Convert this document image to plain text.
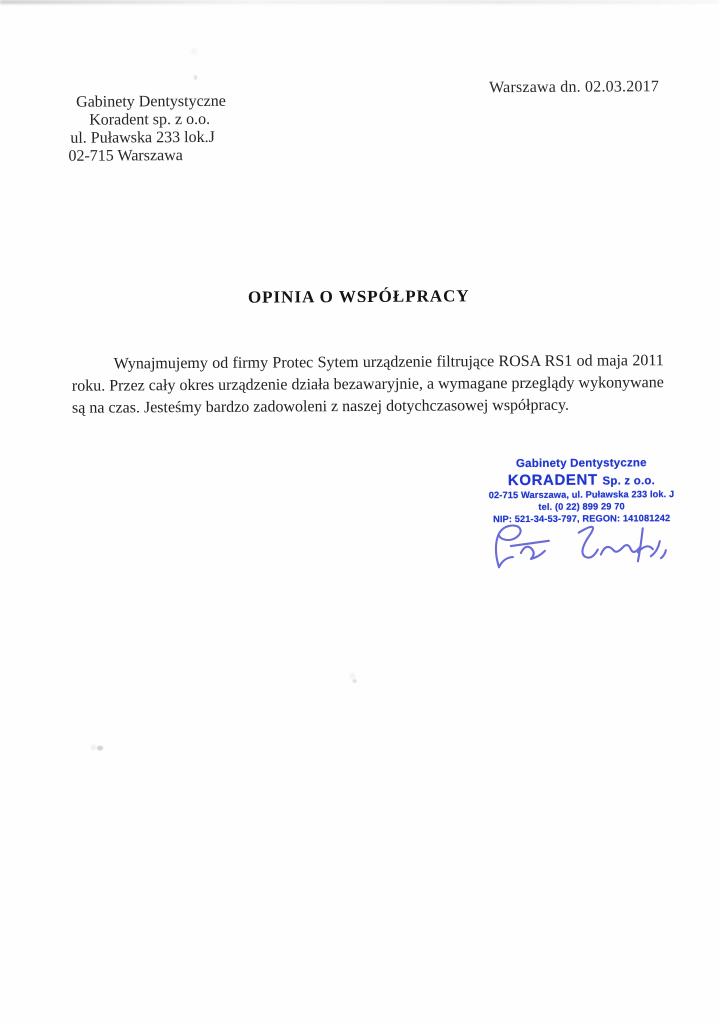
Warszawa dn. 02.03.2017
Gabinety Dentystyczne
Koradent sp. z o.o.
ul. Puławska 233 lok.J
02-715 Warszawa
OPINIA O WSPÓŁPRACY
Wynajmujemy od firmy Protec Sytem urządzenie filtrujące ROSA RS1 od maja 2011 roku. Przez cały okres urządzenie działa bezawaryjnie, a wymagane przeglądy wykonywane są na czas. Jesteśmy bardzo zadowoleni z naszej dotychczasowej współpracy.
Gabinety Dentystyczne
KORADENT Sp. z o.o.
02-715 Warszawa, ul. Puławska 233 lok. J
tel. (0 22) 899 29 70
NIP: 521-34-53-797, REGON: 141081242
